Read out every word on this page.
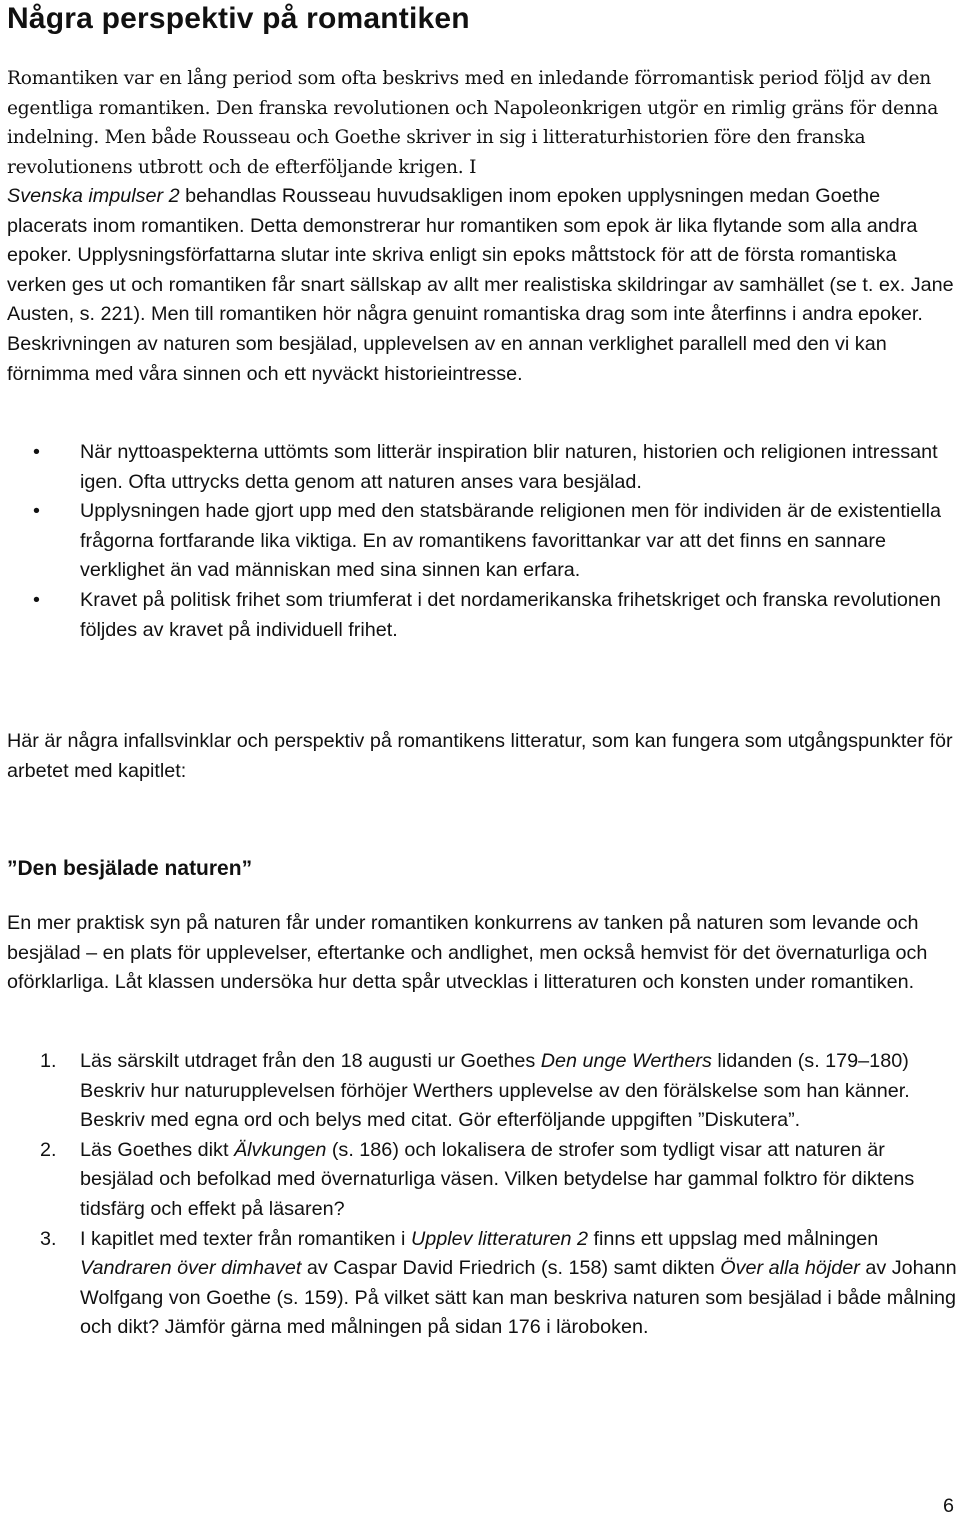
Några perspektiv på romantiken

Romantiken var en lång period som ofta beskrivs med en inledande förromantisk period följd av den egentliga romantiken. Den franska revolutionen och Napoleonkrigen utgör en rimlig gräns för denna indelning. Men både Rousseau och Goethe skriver in sig i litteraturhistorien före den franska revolutionens utbrott och de efterföljande krigen. I

Svenska impulser 2 behandlas Rousseau huvudsakligen inom epoken upplysningen medan Goethe placerats inom romantiken. Detta demonstrerar hur romantiken som epok är lika flytande som alla andra epoker. Upplysningsförfattarna slutar inte skriva enligt sin epoks måttstock för att de första romantiska verken ges ut och romantiken får snart sällskap av allt mer realistiska skildringar av samhället (se t. ex. Jane Austen, s. 221). Men till romantiken hör några genuint romantiska drag som inte återfinns i andra epoker. Beskrivningen av naturen som besjälad, upplevelsen av en annan verklighet parallell med den vi kan förnimma med våra sinnen och ett nyväckt historieintresse.

• När nyttoaspekterna uttömts som litterär inspiration blir naturen, historien och religionen intressant igen. Ofta uttrycks detta genom att naturen anses vara besjälad.
• Upplysningen hade gjort upp med den statsbärande religionen men för individen är de existentiella frågorna fortfarande lika viktiga. En av romantikens favorittankar var att det finns en sannare verklighet än vad människan med sina sinnen kan erfara.
• Kravet på politisk frihet som triumferat i det nordamerikanska frihetskriget och franska revolutionen följdes av kravet på individuell frihet.

Här är några infallsvinklar och perspektiv på romantikens litteratur, som kan fungera som utgångspunkter för arbetet med kapitlet:

”Den besjälade naturen”

En mer praktisk syn på naturen får under romantiken konkurrens av tanken på naturen som levande och besjälad – en plats för upplevelser, eftertanke och andlighet, men också hemvist för det övernaturliga och oförklarliga. Låt klassen undersöka hur detta spår utvecklas i litteraturen och konsten under romantiken.

1. Läs särskilt utdraget från den 18 augusti ur Goethes Den unge Werthers lidanden (s. 179–180) Beskriv hur naturupplevelsen förhöjer Werthers upplevelse av den förälskelse som han känner. Beskriv med egna ord och belys med citat. Gör efterföljande uppgiften ”Diskutera”.
2. Läs Goethes dikt Älvkungen (s. 186) och lokalisera de strofer som tydligt visar att naturen är besjälad och befolkad med övernaturliga väsen. Vilken betydelse har gammal folktro för diktens tidsfärg och effekt på läsaren?
3. I kapitlet med texter från romantiken i Upplev litteraturen 2 finns ett uppslag med målningen Vandraren över dimhavet av Caspar David Friedrich (s. 158) samt dikten Över alla höjder av Johann Wolfgang von Goethe (s. 159). På vilket sätt kan man beskriva naturen som besjälad i både målning och dikt? Jämför gärna med målningen på sidan 176 i läroboken.
6
